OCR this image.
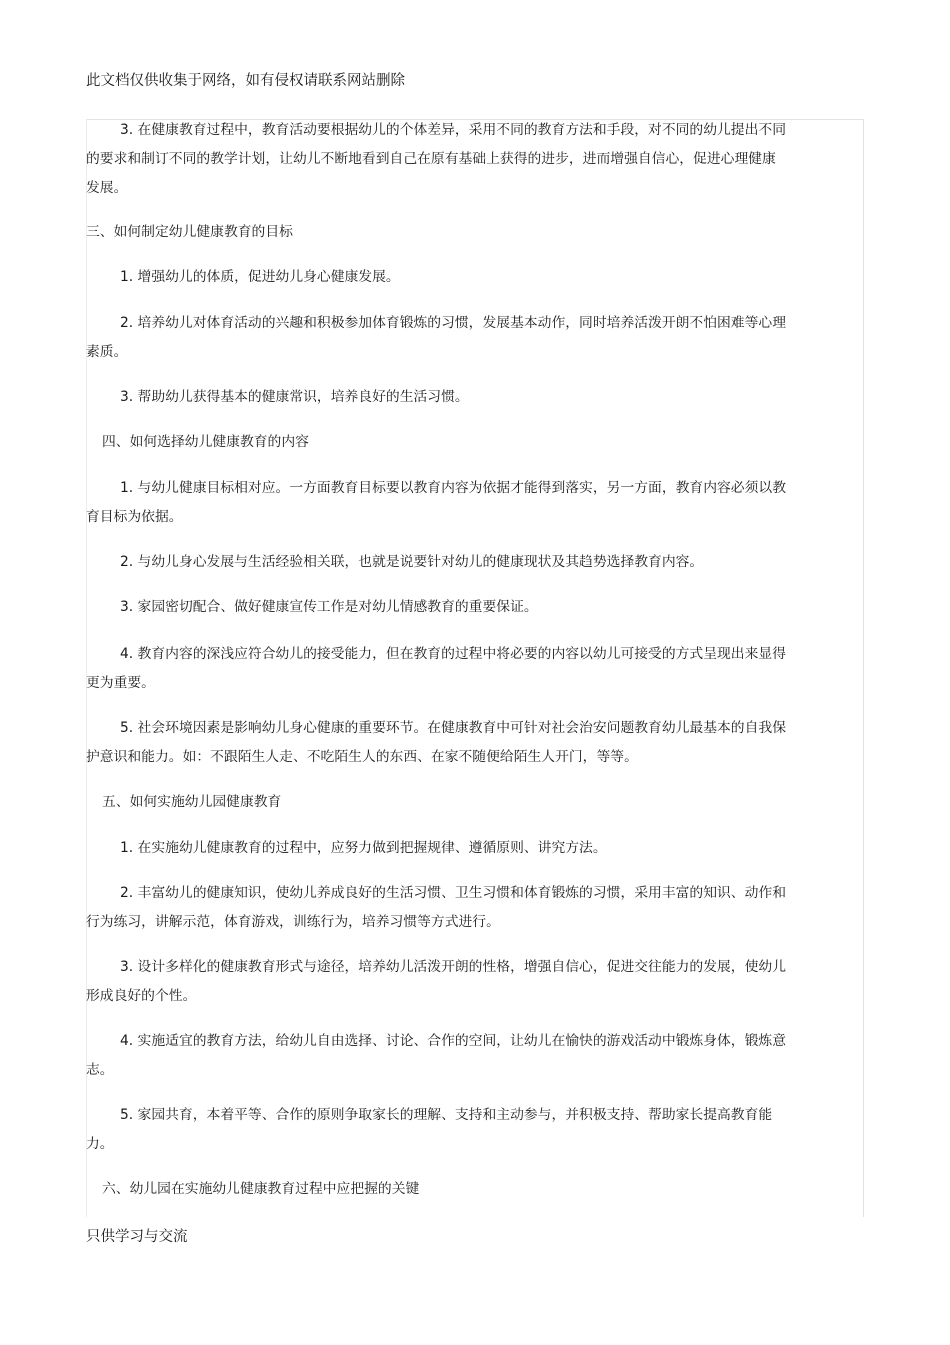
此文档仅供收集于网络，如有侵权请联系网站删除

3. 在健康教育过程中，教育活动要根据幼儿的个体差异，采用不同的教育方法和手段，对不同的幼儿提出不同的要求和制订不同的教学计划，让幼儿不断地看到自己在原有基础上获得的进步，进而增强自信心，促进心理健康发展。

三、如何制定幼儿健康教育的目标

1. 增强幼儿的体质，促进幼儿身心健康发展。

2. 培养幼儿对体育活动的兴趣和积极参加体育锻炼的习惯，发展基本动作，同时培养活泼开朗不怕困难等心理素质。

3. 帮助幼儿获得基本的健康常识，培养良好的生活习惯。

四、如何选择幼儿健康教育的内容

1. 与幼儿健康目标相对应。一方面教育目标要以教育内容为依据才能得到落实，另一方面，教育内容必须以教育目标为依据。

2. 与幼儿身心发展与生活经验相关联，也就是说要针对幼儿的健康现状及其趋势选择教育内容。

3. 家园密切配合、做好健康宣传工作是对幼儿情感教育的重要保证。

4. 教育内容的深浅应符合幼儿的接受能力，但在教育的过程中将必要的内容以幼儿可接受的方式呈现出来显得更为重要。

5. 社会环境因素是影响幼儿身心健康的重要环节。在健康教育中可针对社会治安问题教育幼儿最基本的自我保护意识和能力。如：不跟陌生人走、不吃陌生人的东西、在家不随便给陌生人开门，等等。

五、如何实施幼儿园健康教育

1. 在实施幼儿健康教育的过程中，应努力做到把握规律、遵循原则、讲究方法。

2. 丰富幼儿的健康知识，使幼儿养成良好的生活习惯、卫生习惯和体育锻炼的习惯，采用丰富的知识、动作和行为练习，讲解示范，体育游戏，训练行为，培养习惯等方式进行。

3. 设计多样化的健康教育形式与途径，培养幼儿活泼开朗的性格，增强自信心，促进交往能力的发展，使幼儿形成良好的个性。

4. 实施适宜的教育方法，给幼儿自由选择、讨论、合作的空间，让幼儿在愉快的游戏活动中锻炼身体，锻炼意志。

5. 家园共育，本着平等、合作的原则争取家长的理解、支持和主动参与，并积极支持、帮助家长提高教育能力。

六、幼儿园在实施幼儿健康教育过程中应把握的关键

只供学习与交流
